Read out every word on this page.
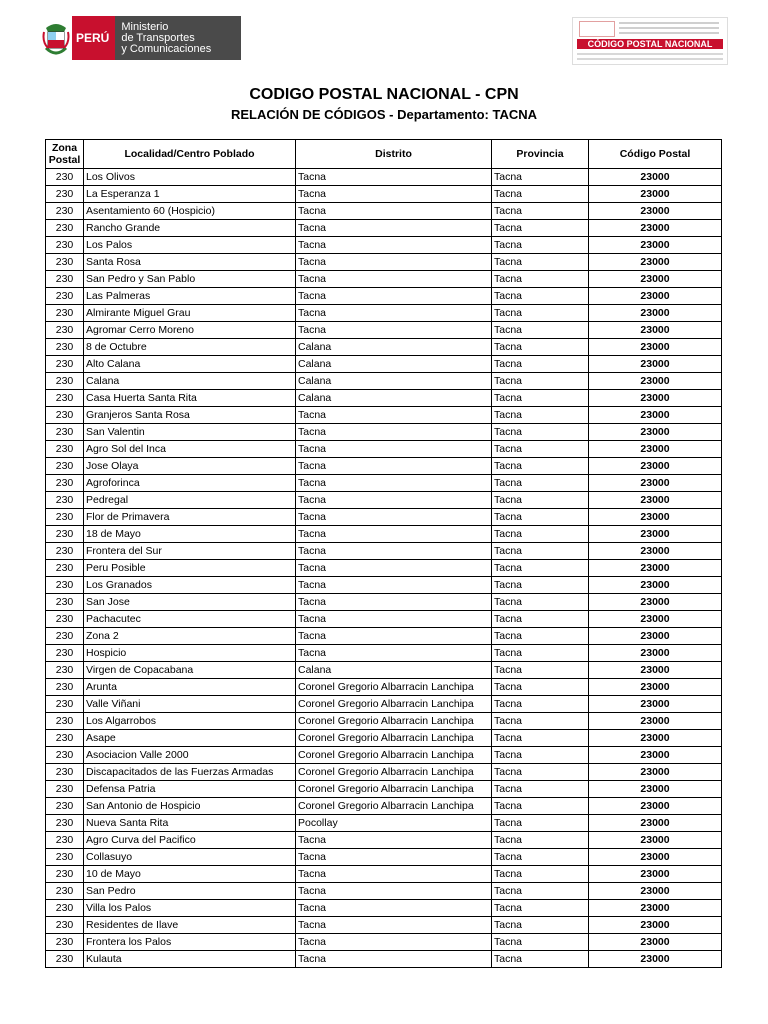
PERÚ
Ministerio
de Transportes
y Comunicaciones	CÓDIGO POSTAL NACIONAL
CODIGO POSTAL NACIONAL - CPN
RELACIÓN DE CÓDIGOS - Departamento: TACNA
Zona
Postal	Localidad/Centro Poblado	Distrito	Provincia	Código Postal
230	Los Olivos	Tacna	Tacna	23000
230	La Esperanza 1	Tacna	Tacna	23000
230	Asentamiento 60 (Hospicio)	Tacna	Tacna	23000
230	Rancho Grande	Tacna	Tacna	23000
230	Los Palos	Tacna	Tacna	23000
230	Santa Rosa	Tacna	Tacna	23000
230	San Pedro y San Pablo	Tacna	Tacna	23000
230	Las Palmeras	Tacna	Tacna	23000
230	Almirante Miguel Grau	Tacna	Tacna	23000
230	Agromar Cerro Moreno	Tacna	Tacna	23000
230	8 de Octubre	Calana	Tacna	23000
230	Alto Calana	Calana	Tacna	23000
230	Calana	Calana	Tacna	23000
230	Casa Huerta Santa Rita	Calana	Tacna	23000
230	Granjeros Santa Rosa	Tacna	Tacna	23000
230	San Valentin	Tacna	Tacna	23000
230	Agro Sol del Inca	Tacna	Tacna	23000
230	Jose Olaya	Tacna	Tacna	23000
230	Agroforinca	Tacna	Tacna	23000
230	Pedregal	Tacna	Tacna	23000
230	Flor de Primavera	Tacna	Tacna	23000
230	18 de Mayo	Tacna	Tacna	23000
230	Frontera del Sur	Tacna	Tacna	23000
230	Peru Posible	Tacna	Tacna	23000
230	Los Granados	Tacna	Tacna	23000
230	San Jose	Tacna	Tacna	23000
230	Pachacutec	Tacna	Tacna	23000
230	Zona 2	Tacna	Tacna	23000
230	Hospicio	Tacna	Tacna	23000
230	Virgen de Copacabana	Calana	Tacna	23000
230	Arunta	Coronel Gregorio Albarracin Lanchipa	Tacna	23000
230	Valle Viñani	Coronel Gregorio Albarracin Lanchipa	Tacna	23000
230	Los Algarrobos	Coronel Gregorio Albarracin Lanchipa	Tacna	23000
230	Asape	Coronel Gregorio Albarracin Lanchipa	Tacna	23000
230	Asociacion Valle 2000	Coronel Gregorio Albarracin Lanchipa	Tacna	23000
230	Discapacitados de las Fuerzas Armadas	Coronel Gregorio Albarracin Lanchipa	Tacna	23000
230	Defensa Patria	Coronel Gregorio Albarracin Lanchipa	Tacna	23000
230	San Antonio de Hospicio	Coronel Gregorio Albarracin Lanchipa	Tacna	23000
230	Nueva Santa Rita	Pocollay	Tacna	23000
230	Agro Curva del Pacifico	Tacna	Tacna	23000
230	Collasuyo	Tacna	Tacna	23000
230	10 de Mayo	Tacna	Tacna	23000
230	San Pedro	Tacna	Tacna	23000
230	Villa los Palos	Tacna	Tacna	23000
230	Residentes de Ilave	Tacna	Tacna	23000
230	Frontera los Palos	Tacna	Tacna	23000
230	Kulauta	Tacna	Tacna	23000
